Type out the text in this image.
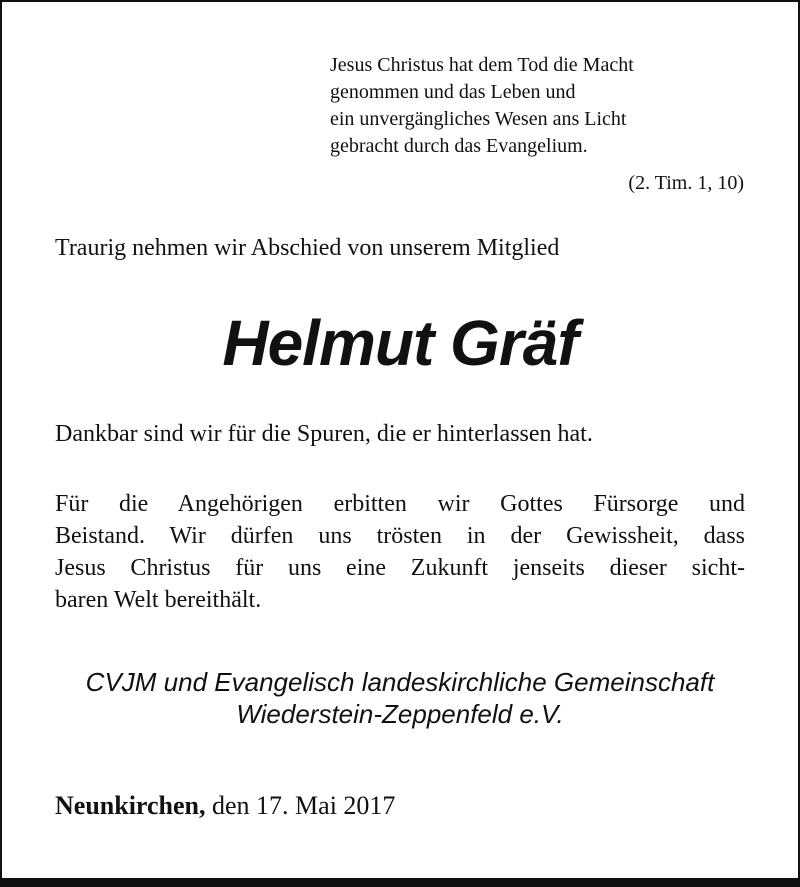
Jesus Christus hat dem Tod die Macht
genommen und das Leben und
ein unvergängliches Wesen ans Licht
gebracht durch das Evangelium.
(2. Tim. 1, 10)
Traurig nehmen wir Abschied von unserem Mitglied
Helmut Gräf
Dankbar sind wir für die Spuren, die er hinterlassen hat.
Für die Angehörigen erbitten wir Gottes Fürsorge und
Beistand. Wir dürfen uns trösten in der Gewissheit, dass
Jesus Christus für uns eine Zukunft jenseits dieser sicht-
baren Welt bereithält.
CVJM und Evangelisch landeskirchliche Gemeinschaft
Wiederstein-Zeppenfeld e.V.
Neunkirchen, den 17. Mai 2017
